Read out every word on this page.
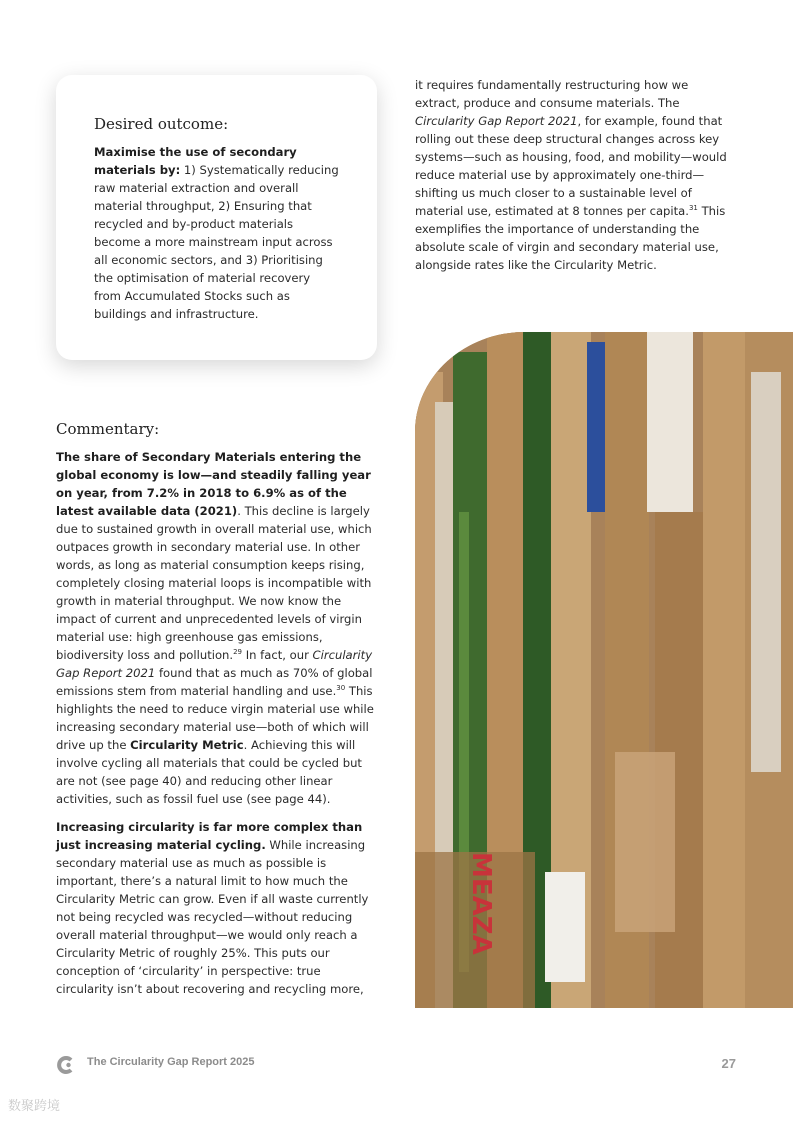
Desired outcome:

Maximise the use of secondary materials by: 1) Systematically reducing raw material extraction and overall material throughput, 2) Ensuring that recycled and by-product materials become a more mainstream input across all economic sectors, and 3) Prioritising the optimisation of material recovery from Accumulated Stocks such as buildings and infrastructure.

it requires fundamentally restructuring how we extract, produce and consume materials. The Circularity Gap Report 2021, for example, found that rolling out these deep structural changes across key systems—such as housing, food, and mobility—would reduce material use by approximately one-third—shifting us much closer to a sustainable level of material use, estimated at 8 tonnes per capita.$^{31}$ This exemplifies the importance of understanding the absolute scale of virgin and secondary material use, alongside rates like the Circularity Metric.

Commentary:

The share of Secondary Materials entering the global economy is low—and steadily falling year on year, from 7.2% in 2018 to 6.9% as of the latest available data (2021). This decline is largely due to sustained growth in overall material use, which outpaces growth in secondary material use. In other words, as long as material consumption keeps rising, completely closing material loops is incompatible with growth in material throughput. We now know the impact of current and unprecedented levels of virgin material use: high greenhouse gas emissions, biodiversity loss and pollution.$^{29}$ In fact, our Circularity Gap Report 2021 found that as much as 70% of global emissions stem from material handling and use.$^{30}$ This highlights the need to reduce virgin material use while increasing secondary material use—both of which will drive up the Circularity Metric. Achieving this will involve cycling all materials that could be cycled but are not (see page 40) and reducing other linear activities, such as fossil fuel use (see page 44).

Increasing circularity is far more complex than just increasing material cycling. While increasing secondary material use as much as possible is important, there’s a natural limit to how much the Circularity Metric can grow. Even if all waste currently not being recycled was recycled—without reducing overall material throughput—we would only reach a Circularity Metric of roughly 25%. This puts our conception of ‘circularity’ in perspective: true circularity isn’t about recovering and recycling more,

MEAZA
The Circularity Gap Report 2025	27
数聚跨境
